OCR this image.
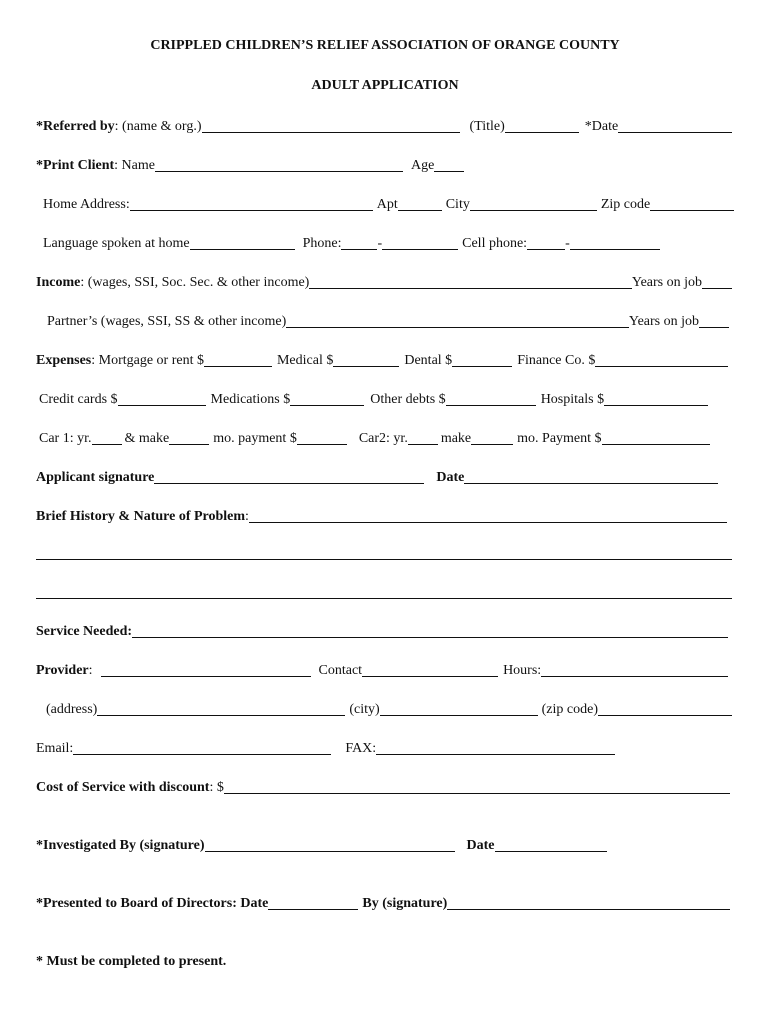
CRIPPLED CHILDREN’S RELIEF ASSOCIATION OF ORANGE COUNTY
ADULT APPLICATION
*Referred by : (name & org.)	(Title)	*Date
*Print Client : Name	Age
Home Address:	Apt	City	Zip code
Language spoken at home	Phone:	-	Cell phone:	-
Income : (wages, SSI, Soc. Sec. & other income)	Years on job
Partner’s (wages, SSI, SS & other income)	Years on job
Expenses : Mortgage or rent $	Medical $	Dental $	Finance Co. $
Credit cards $	Medications $	Other debts $	Hospitals $
Car 1: yr. & make	mo. payment $	Car2: yr. make	mo. Payment $
Applicant signature	Date
Brief History & Nature of Problem :
Service Needed:
Provider :	Contact	Hours:
(address)	(city)	(zip code)
Email:	FAX:
Cost of Service with discount : $
*Investigated By (signature)	Date
*Presented to Board of Directors: Date	By (signature)
* Must be completed to present.
